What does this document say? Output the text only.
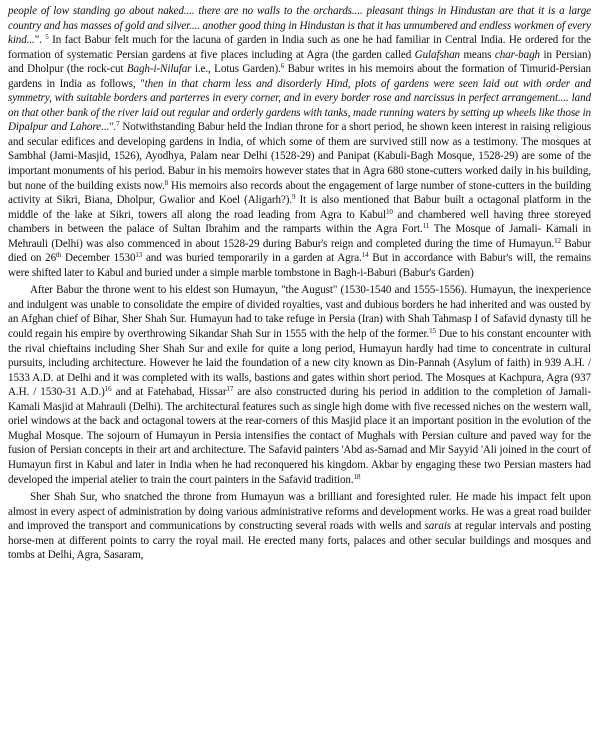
people of low standing go about naked.... there are no walls to the orchards.... pleasant things in Hindustan are that it is a large country and has masses of gold and silver.... another good thing in Hindustan is that it has unnumbered and endless workmen of every kind...". $^5$ In fact Babur felt much for the lacuna of garden in India such as one he had familiar in Central India. He ordered for the formation of systematic Persian gardens at five places including at Agra (the garden called Gulafshan means char-bagh in Persian) and Dholpur (the rock-cut Bagh-i-Nilufar i.e., Lotus Garden).$^6$ Babur writes in his memoirs about the formation of Timurid-Persian gardens in India as follows, "then in that charm less and disorderly Hind, plots of gardens were seen laid out with order and symmetry, with suitable borders and parterres in every corner, and in every border rose and narcissus in perfect arrangement.... land on that other bank of the river laid out regular and orderly gardens with tanks, made running waters by setting up wheels like those in Dipalpur and Lahore...".$^7$ Notwithstanding Babur held the Indian throne for a short period, he shown keen interest in raising religious and secular edifices and developing gardens in India, of which some of them are survived still now as a testimony. The mosques at Sambhal (Jami-Masjid, 1526), Ayodhya, Palam near Delhi (1528-29) and Panipat (Kabuli-Bagh Mosque, 1528-29) are some of the important monuments of his period. Babur in his memoirs however states that in Agra 680 stone-cutters worked daily in his building, but none of the building exists now.$^8$ His memoirs also records about the engagement of large number of stone-cutters in the building activity at Sikri, Biana, Dholpur, Gwalior and Koel (Aligarh?).$^9$ It is also mentioned that Babur built a octagonal platform in the middle of the lake at Sikri, towers all along the road leading from Agra to Kabul$^{10}$ and chambered well having three storeyed chambers in between the palace of Sultan Ibrahim and the ramparts within the Agra Fort.$^{11}$ The Mosque of Jamali- Kamali in Mehrauli (Delhi) was also commenced in about 1528-29 during Babur's reign and completed during the time of Humayun.$^{12}$ Babur died on 26th December 1530$^{13}$ and was buried temporarily in a garden at Agra.$^{14}$ But in accordance with Babur's will, the remains were shifted later to Kabul and buried under a simple marble tombstone in Bagh-i-Baburi (Babur's Garden)

After Babur the throne went to his eldest son Humayun, "the August" (1530-1540 and 1555-1556). Humayun, the inexperience and indulgent was unable to consolidate the empire of divided royalties, vast and dubious borders he had inherited and was ousted by an Afghan chief of Bihar, Sher Shah Sur. Humayun had to take refuge in Persia (Iran) with Shah Tahmasp I of Safavid dynasty till he could regain his empire by overthrowing Sikandar Shah Sur in 1555 with the help of the former.$^{15}$ Due to his constant encounter with the rival chieftains including Sher Shah Sur and exile for quite a long period, Humayun hardly had time to concentrate in cultural pursuits, including architecture. However he laid the foundation of a new city known as Din-Pannah (Asylum of faith) in 939 A.H. / 1533 A.D. at Delhi and it was completed with its walls, bastions and gates within short period. The Mosques at Kachpura, Agra (937 A.H. / 1530-31 A.D.)$^{16}$ and at Fatehabad, Hissar$^{17}$ are also constructed during his period in addition to the completion of Jamali-Kamali Masjid at Mahrauli (Delhi). The architectural features such as single high dome with five recessed niches on the western wall, oriel windows at the back and octagonal towers at the rear-corners of this Masjid place it an important position in the evolution of the Mughal Mosque. The sojourn of Humayun in Persia intensifies the contact of Mughals with Persian culture and paved way for the fusion of Persian concepts in their art and architecture. The Safavid painters 'Abd as-Samad and Mir Sayyid 'Ali joined in the court of Humayun first in Kabul and later in India when he had reconquered his kingdom. Akbar by engaging these two Persian masters had developed the imperial atelier to train the court painters in the Safavid tradition.$^{18}$

Sher Shah Sur, who snatched the throne from Humayun was a brilliant and foresighted ruler. He made his impact felt upon almost in every aspect of administration by doing various administrative reforms and development works. He was a great road builder and improved the transport and communications by constructing several roads with wells and sarais at regular intervals and posting horse-men at different points to carry the royal mail. He erected many forts, palaces and other secular buildings and mosques and tombs at Delhi, Agra, Sasaram,
